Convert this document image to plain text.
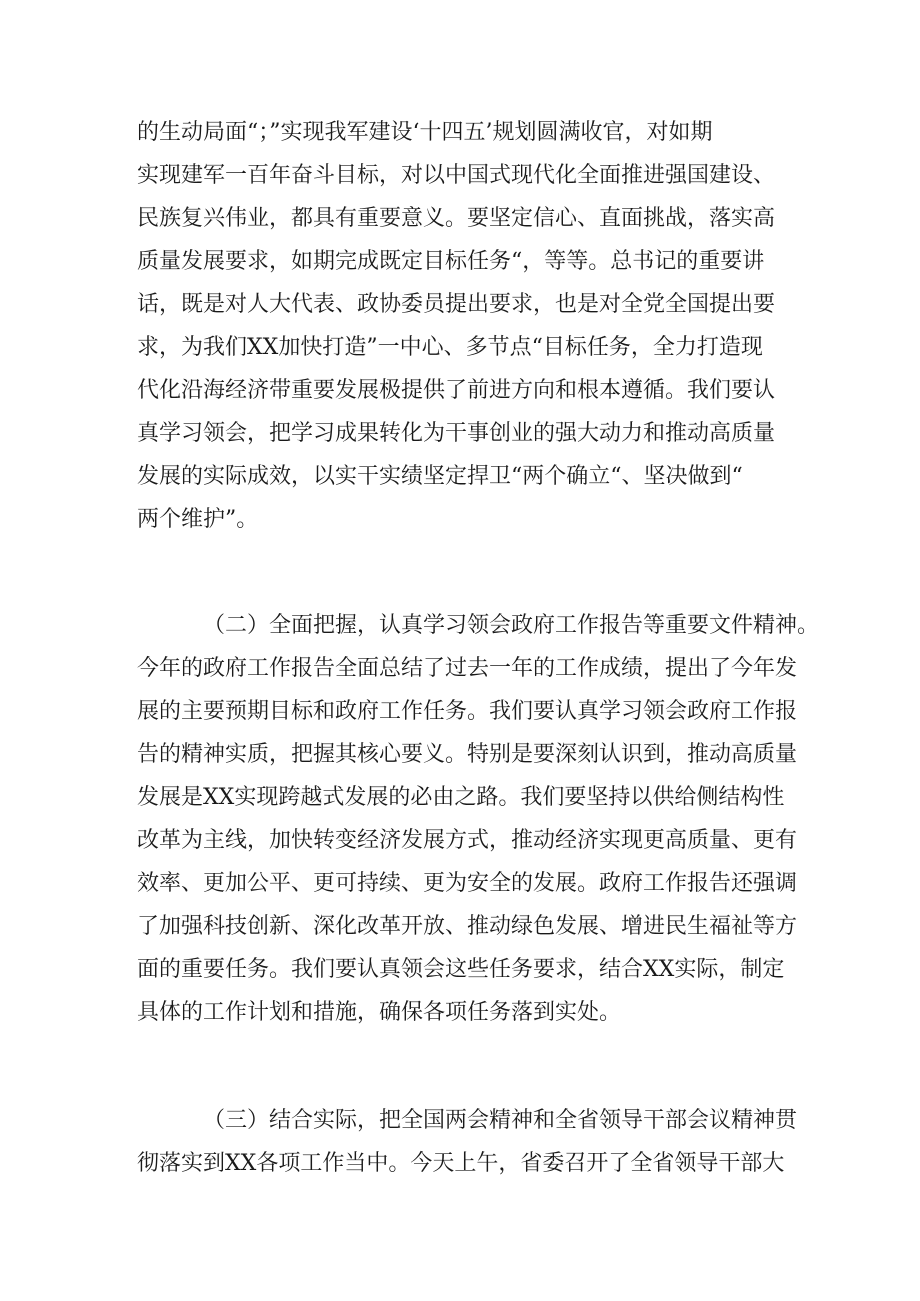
的生动局面“；”实现我军建设‘十四五’规划圆满收官，对如期
实现建军一百年奋斗目标，对以中国式现代化全面推进强国建设、
民族复兴伟业，都具有重要意义。要坚定信心、直面挑战，落实高
质量发展要求，如期完成既定目标任务“，等等。总书记的重要讲
话，既是对人大代表、政协委员提出要求，也是对全党全国提出要
求，为我们XX加快打造”一中心、多节点“目标任务，全力打造现
代化沿海经济带重要发展极提供了前进方向和根本遵循。我们要认
真学习领会，把学习成果转化为干事创业的强大动力和推动高质量
发展的实际成效，以实干实绩坚定捍卫“两个确立“、坚决做到“
两个维护”。
（二）全面把握，认真学习领会政府工作报告等重要文件精神。
今年的政府工作报告全面总结了过去一年的工作成绩，提出了今年发
展的主要预期目标和政府工作任务。我们要认真学习领会政府工作报
告的精神实质，把握其核心要义。特别是要深刻认识到，推动高质量
发展是XX实现跨越式发展的必由之路。我们要坚持以供给侧结构性
改革为主线，加快转变经济发展方式，推动经济实现更高质量、更有
效率、更加公平、更可持续、更为安全的发展。政府工作报告还强调
了加强科技创新、深化改革开放、推动绿色发展、增进民生福祉等方
面的重要任务。我们要认真领会这些任务要求，结合XX实际，制定
具体的工作计划和措施，确保各项任务落到实处。
（三）结合实际，把全国两会精神和全省领导干部会议精神贯
彻落实到XX各项工作当中。今天上午，省委召开了全省领导干部大
